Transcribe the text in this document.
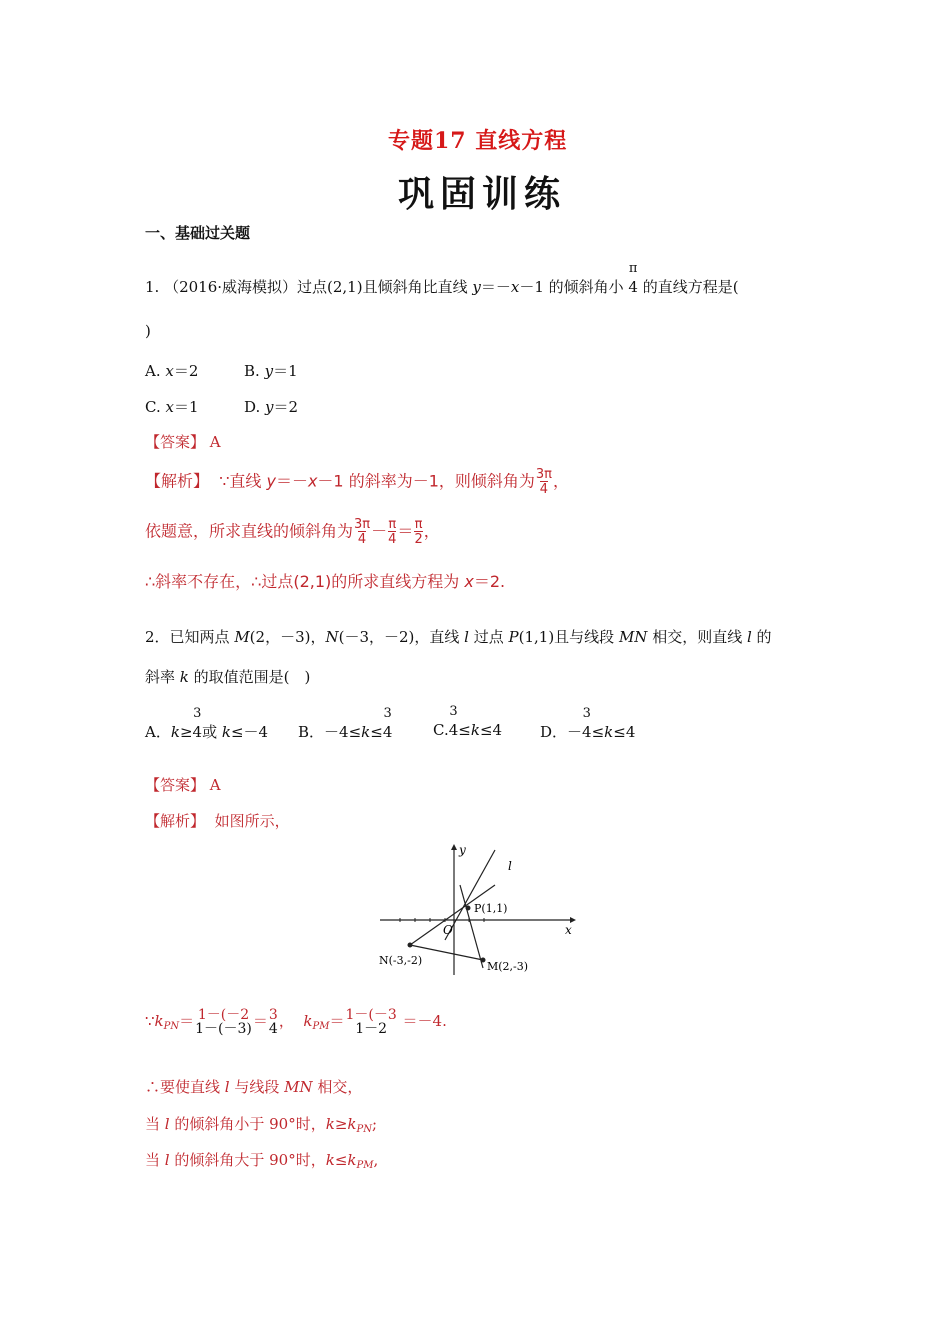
专题17 直线方程
巩固训练
一、基础过关题
1. （2016·威海模拟）过点(2,1)且倾斜角比直线 y＝－x－1 的倾斜角小
π
4 的直线方程是(
)
A. x＝2	B. y＝1
C. x＝1	D. y＝2
【答案】 A
【解析】 ∵直线 y＝－x－1 的斜率为－1，则倾斜角为 $\frac{3\pi}{4}$ ，
依题意，所求直线的倾斜角为 $\frac{3\pi}{4} - \frac{\pi}{4} = \frac{\pi}{2}$ ，
∴斜率不存在，∴过点(2,1)的所求直线方程为 x＝2.
2．已知两点 M(2，－3)，N(－3，－2)，直线 l 过点 P(1,1)且与线段 MN 相交，则直线 l 的
斜率 k 的取值范围是(　)
A．k≥
3
4或 k≤－4 B．－4≤k≤
3
4	C.
3
4≤k≤4	D．－
3
4≤k≤4
【答案】 A
【解析】 如图所示，
y
x
l
O
P(1,1)
N(-3,-2)	M(2,-3)
$\because k_{PN}= 1-(-2$
1－(－3) ＝ 3
4 ， $k_{PM}= 1-(-3$
1－2 ＝－4.
∴要使直线 l 与线段 MN 相交，
当 l 的倾斜角小于 90°时，$k\ge k_{PN}$;
当 l 的倾斜角大于 90°时，$k\le k_{PM}$,
